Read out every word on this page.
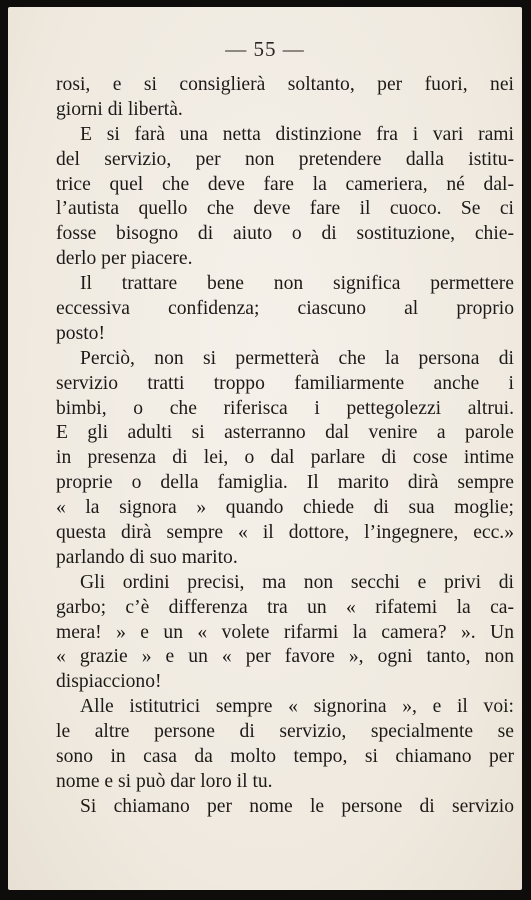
— 55 —
rosi, e si consiglierà soltanto, per fuori, nei
giorni di libertà.
E si farà una netta distinzione fra i vari rami
del servizio, per non pretendere dalla istitu-
trice quel che deve fare la cameriera, né dal-
l’autista quello che deve fare il cuoco. Se ci
fosse bisogno di aiuto o di sostituzione, chie-
derlo per piacere.
Il trattare bene non significa permettere
eccessiva confidenza; ciascuno al proprio
posto!
Perciò, non si permetterà che la persona di
servizio tratti troppo familiarmente anche i
bimbi, o che riferisca i pettegolezzi altrui.
E gli adulti si asterranno dal venire a parole
in presenza di lei, o dal parlare di cose intime
proprie o della famiglia. Il marito dirà sempre
« la signora » quando chiede di sua moglie;
questa dirà sempre « il dottore, l’ingegnere, ecc.»
parlando di suo marito.
Gli ordini precisi, ma non secchi e privi di
garbo; c’è differenza tra un « rifatemi la ca-
mera! » e un « volete rifarmi la camera? ». Un
« grazie » e un « per favore », ogni tanto, non
dispiacciono!
Alle istitutrici sempre « signorina », e il voi:
le altre persone di servizio, specialmente se
sono in casa da molto tempo, si chiamano per
nome e si può dar loro il tu.
Si chiamano per nome le persone di servizio
